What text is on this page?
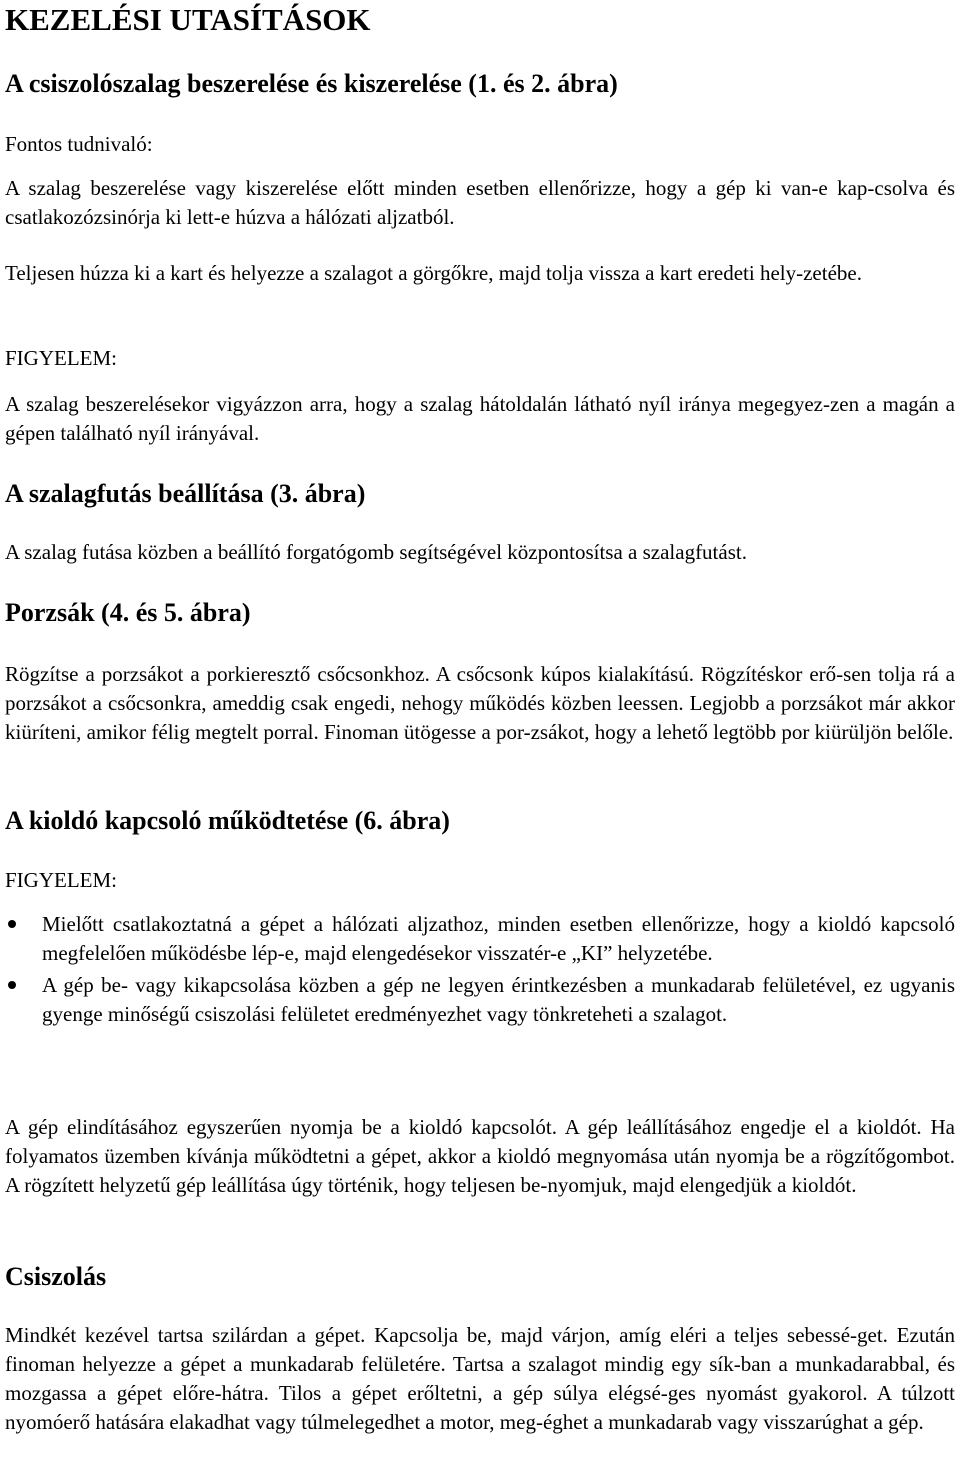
KEZELÉSI UTASÍTÁSOK
A csiszolószalag beszerelése és kiszerelése (1. és 2. ábra)

Fontos tudnivaló:

A szalag beszerelése vagy kiszerelése előtt minden esetben ellenőrizze, hogy a gép ki van-e kap-csolva és csatlakozózsinórja ki lett-e húzva a hálózati aljzatból.

Teljesen húzza ki a kart és helyezze a szalagot a görgőkre, majd tolja vissza a kart eredeti hely-zetébe.

FIGYELEM:

A szalag beszerelésekor vigyázzon arra, hogy a szalag hátoldalán látható nyíl iránya megegyez-zen a magán a gépen található nyíl irányával.

A szalagfutás beállítása (3. ábra)

A szalag futása közben a beállító forgatógomb segítségével központosítsa a szalagfutást.

Porzsák (4. és 5. ábra)

Rögzítse a porzsákot a porkieresztő csőcsonkhoz. A csőcsonk kúpos kialakítású. Rögzítéskor erő-sen tolja rá a porzsákot a csőcsonkra, ameddig csak engedi, nehogy működés közben leessen. Legjobb a porzsákot már akkor kiüríteni, amikor félig megtelt porral. Finoman ütögesse a por-zsákot, hogy a lehető legtöbb por kiürüljön belőle.

A kioldó kapcsoló működtetése (6. ábra)

FIGYELEM:

Mielőtt csatlakoztatná a gépet a hálózati aljzathoz, minden esetben ellenőrizze, hogy a kioldó kapcsoló megfelelően működésbe lép-e, majd elengedésekor visszatér-e „KI” helyzetébe.
A gép be- vagy kikapcsolása közben a gép ne legyen érintkezésben a munkadarab felületével, ez ugyanis gyenge minőségű csiszolási felületet eredményezhet vagy tönkreteheti a szalagot.

A gép elindításához egyszerűen nyomja be a kioldó kapcsolót. A gép leállításához engedje el a kioldót. Ha folyamatos üzemben kívánja működtetni a gépet, akkor a kioldó megnyomása után nyomja be a rögzítőgombot. A rögzített helyzetű gép leállítása úgy történik, hogy teljesen be-nyomjuk, majd elengedjük a kioldót.

Csiszolás

Mindkét kezével tartsa szilárdan a gépet. Kapcsolja be, majd várjon, amíg eléri a teljes sebessé-get. Ezután finoman helyezze a gépet a munkadarab felületére. Tartsa a szalagot mindig egy sík-ban a munkadarabbal, és mozgassa a gépet előre-hátra. Tilos a gépet erőltetni, a gép súlya elégsé-ges nyomást gyakorol. A túlzott nyomóerő hatására elakadhat vagy túlmelegedhet a motor, meg-éghet a munkadarab vagy visszarúghat a gép.
